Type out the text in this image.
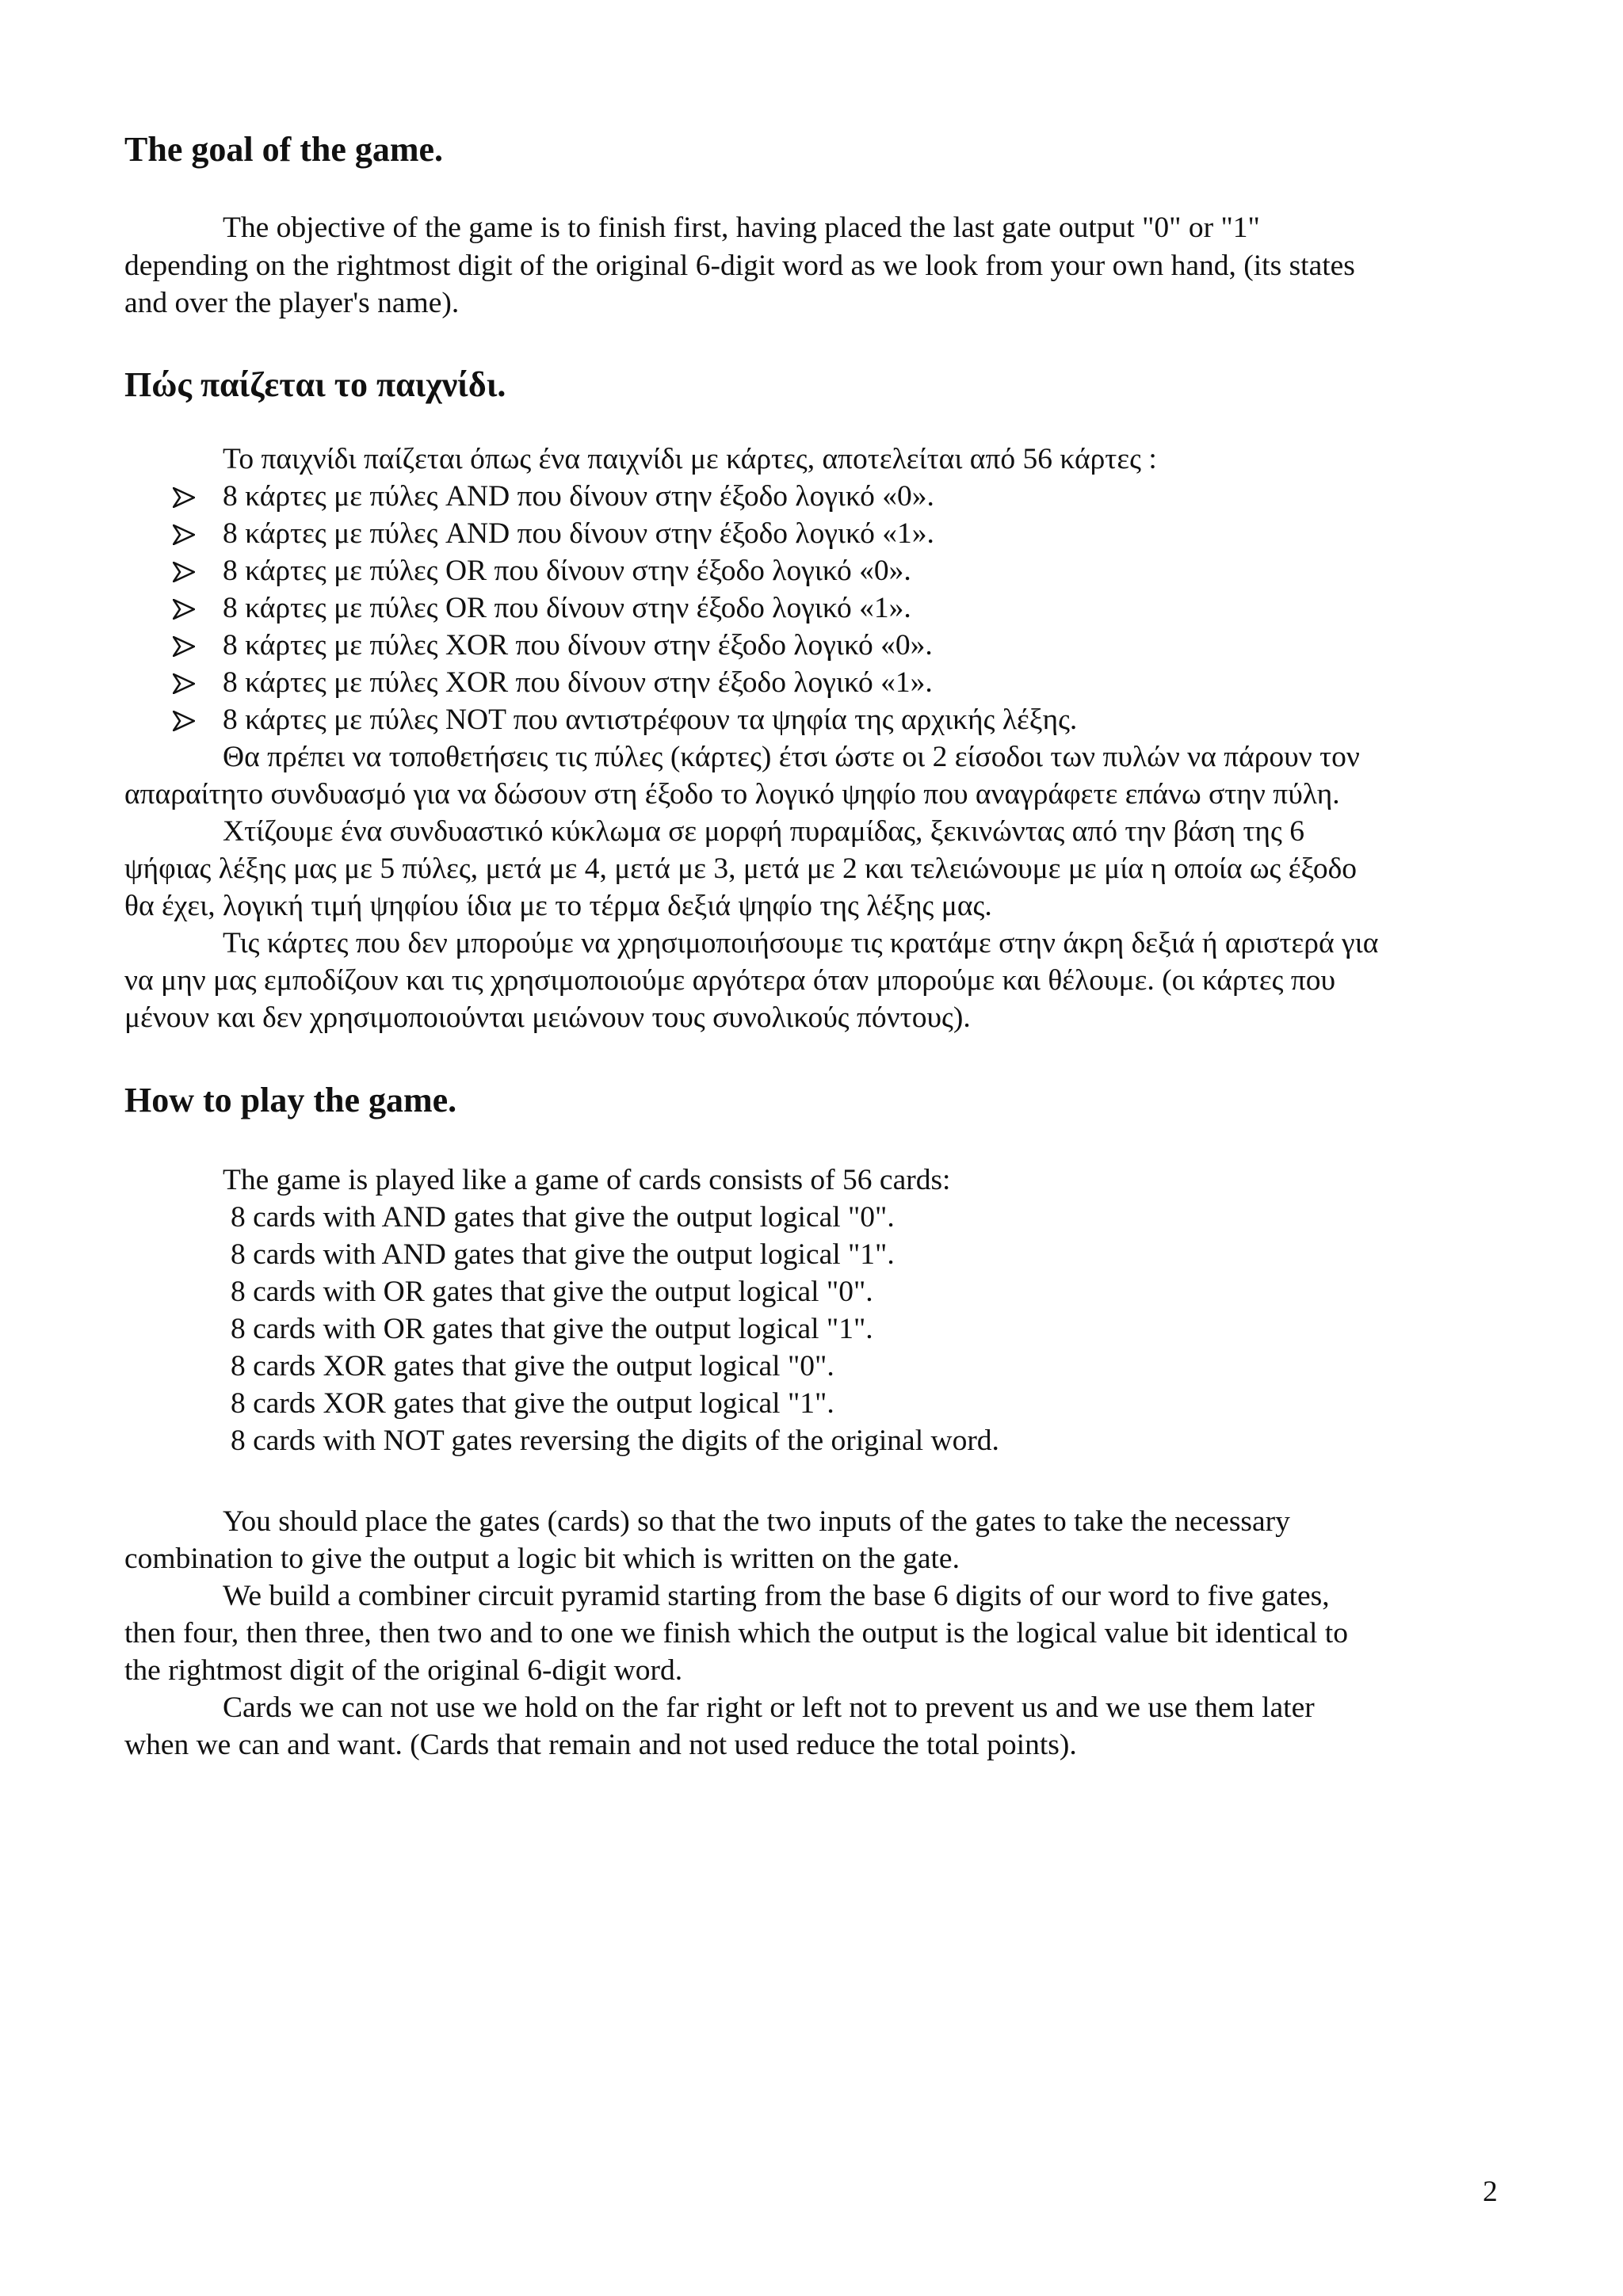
The goal of the game.

The objective of the game is to finish first, having placed the last gate output "0" or "1"

depending on the rightmost digit of the original 6-digit word as we look from your own hand, (its states

and over the player's name).

Πώς παίζεται το παιχνίδι.

Το παιχνίδι παίζεται όπως ένα παιχνίδι με κάρτες, αποτελείται από 56 κάρτες :

8 κάρτες με πύλες AND που δίνουν στην έξοδο λογικό «0».
8 κάρτες με πύλες AND που δίνουν στην έξοδο λογικό «1».
8 κάρτες με πύλες OR που δίνουν στην έξοδο λογικό «0».
8 κάρτες με πύλες OR που δίνουν στην έξοδο λογικό «1».
8 κάρτες με πύλες XOR που δίνουν στην έξοδο λογικό «0».
8 κάρτες με πύλες XOR που δίνουν στην έξοδο λογικό «1».
8 κάρτες με πύλες NOT που αντιστρέφουν τα ψηφία της αρχικής λέξης.

Θα πρέπει να τοποθετήσεις τις πύλες (κάρτες) έτσι ώστε οι 2 είσοδοι των πυλών να πάρουν τον

απαραίτητο συνδυασμό για να δώσουν στη έξοδο το λογικό ψηφίο που αναγράφετε επάνω στην πύλη.

Χτίζουμε ένα συνδυαστικό κύκλωμα σε μορφή πυραμίδας, ξεκινώντας από την βάση της 6

ψήφιας λέξης μας με 5 πύλες, μετά με 4, μετά με 3, μετά με 2 και τελειώνουμε με μία η οποία ως έξοδο

θα έχει, λογική τιμή ψηφίου ίδια με το τέρμα δεξιά ψηφίο της λέξης μας.

Τις κάρτες που δεν μπορούμε να χρησιμοποιήσουμε τις κρατάμε στην άκρη δεξιά ή αριστερά για

να μην μας εμποδίζουν και τις χρησιμοποιούμε αργότερα όταν μπορούμε και θέλουμε. (οι κάρτες που

μένουν και δεν χρησιμοποιούνται μειώνουν τους συνολικούς πόντους).

How to play the game.

The game is played like a game of cards consists of 56 cards:

8 cards with AND gates that give the output logical "0".

8 cards with AND gates that give the output logical "1".

8 cards with OR gates that give the output logical "0".

8 cards with OR gates that give the output logical "1".

8 cards XOR gates that give the output logical "0".

8 cards XOR gates that give the output logical "1".

8 cards with NOT gates reversing the digits of the original word.

You should place the gates (cards) so that the two inputs of the gates to take the necessary

combination to give the output a logic bit which is written on the gate.

We build a combiner circuit pyramid starting from the base 6 digits of our word to five gates,

then four, then three, then two and to one we finish which the output is the logical value bit identical to

the rightmost digit of the original 6-digit word.

Cards we can not use we hold on the far right or left not to prevent us and we use them later

when we can and want. (Cards that remain and not used reduce the total points).

2
